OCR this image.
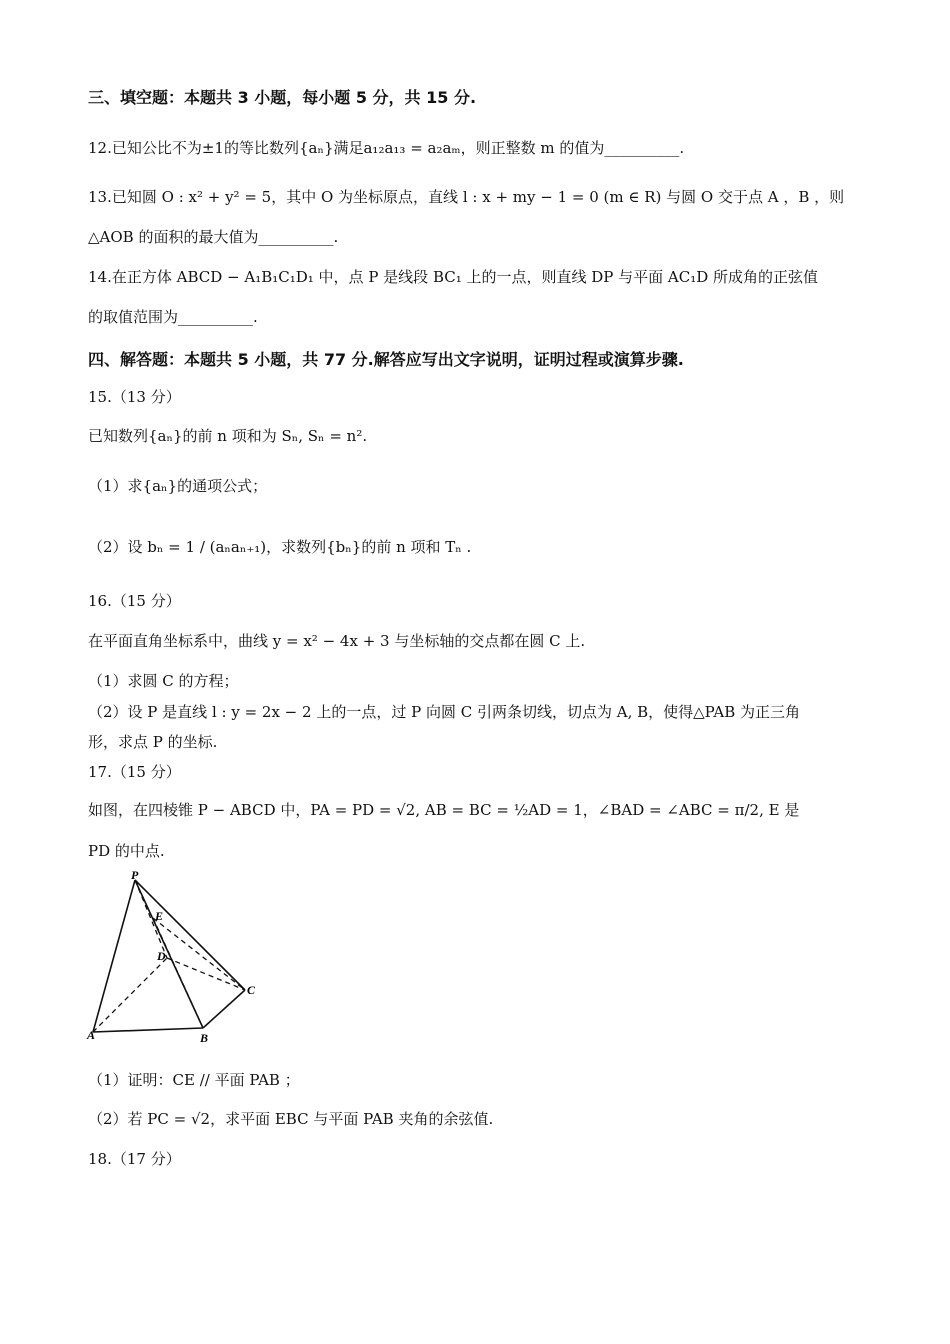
三、填空题：本题共 3 小题，每小题 5 分，共 15 分.
12.已知公比不为±1的等比数列{aₙ}满足a₁₂a₁₃ = a₂aₘ，则正整数 m 的值为__________.
13.已知圆 O : x² + y² = 5，其中 O 为坐标原点，直线 l : x + my − 1 = 0 (m ∈ R) 与圆 O 交于点 A ，B ，则
△AOB 的面积的最大值为__________.
14.在正方体 ABCD − A₁B₁C₁D₁ 中，点 P 是线段 BC₁ 上的一点，则直线 DP 与平面 AC₁D 所成角的正弦值
的取值范围为__________.
四、解答题：本题共 5 小题，共 77 分.解答应写出文字说明，证明过程或演算步骤.
15.（13 分）
已知数列{aₙ}的前 n 项和为 Sₙ, Sₙ = n².
（1）求{aₙ}的通项公式；
（2）设 bₙ = 1 / (aₙaₙ₊₁)，求数列{bₙ}的前 n 项和 Tₙ .
16.（15 分）
在平面直角坐标系中，曲线 y = x² − 4x + 3 与坐标轴的交点都在圆 C 上.
（1）求圆 C 的方程；
（2）设 P 是直线 l : y = 2x − 2 上的一点，过 P 向圆 C 引两条切线，切点为 A, B，使得△PAB 为正三角
形，求点 P 的坐标.
17.（15 分）
如图，在四棱锥 P − ABCD 中，PA = PD = √2, AB = BC = ½AD = 1，∠BAD = ∠ABC = π/2, E 是
PD 的中点.
P
E
D
C
A	B
（1）证明：CE // 平面 PAB ；
（2）若 PC = √2，求平面 EBC 与平面 PAB 夹角的余弦值.
18.（17 分）
